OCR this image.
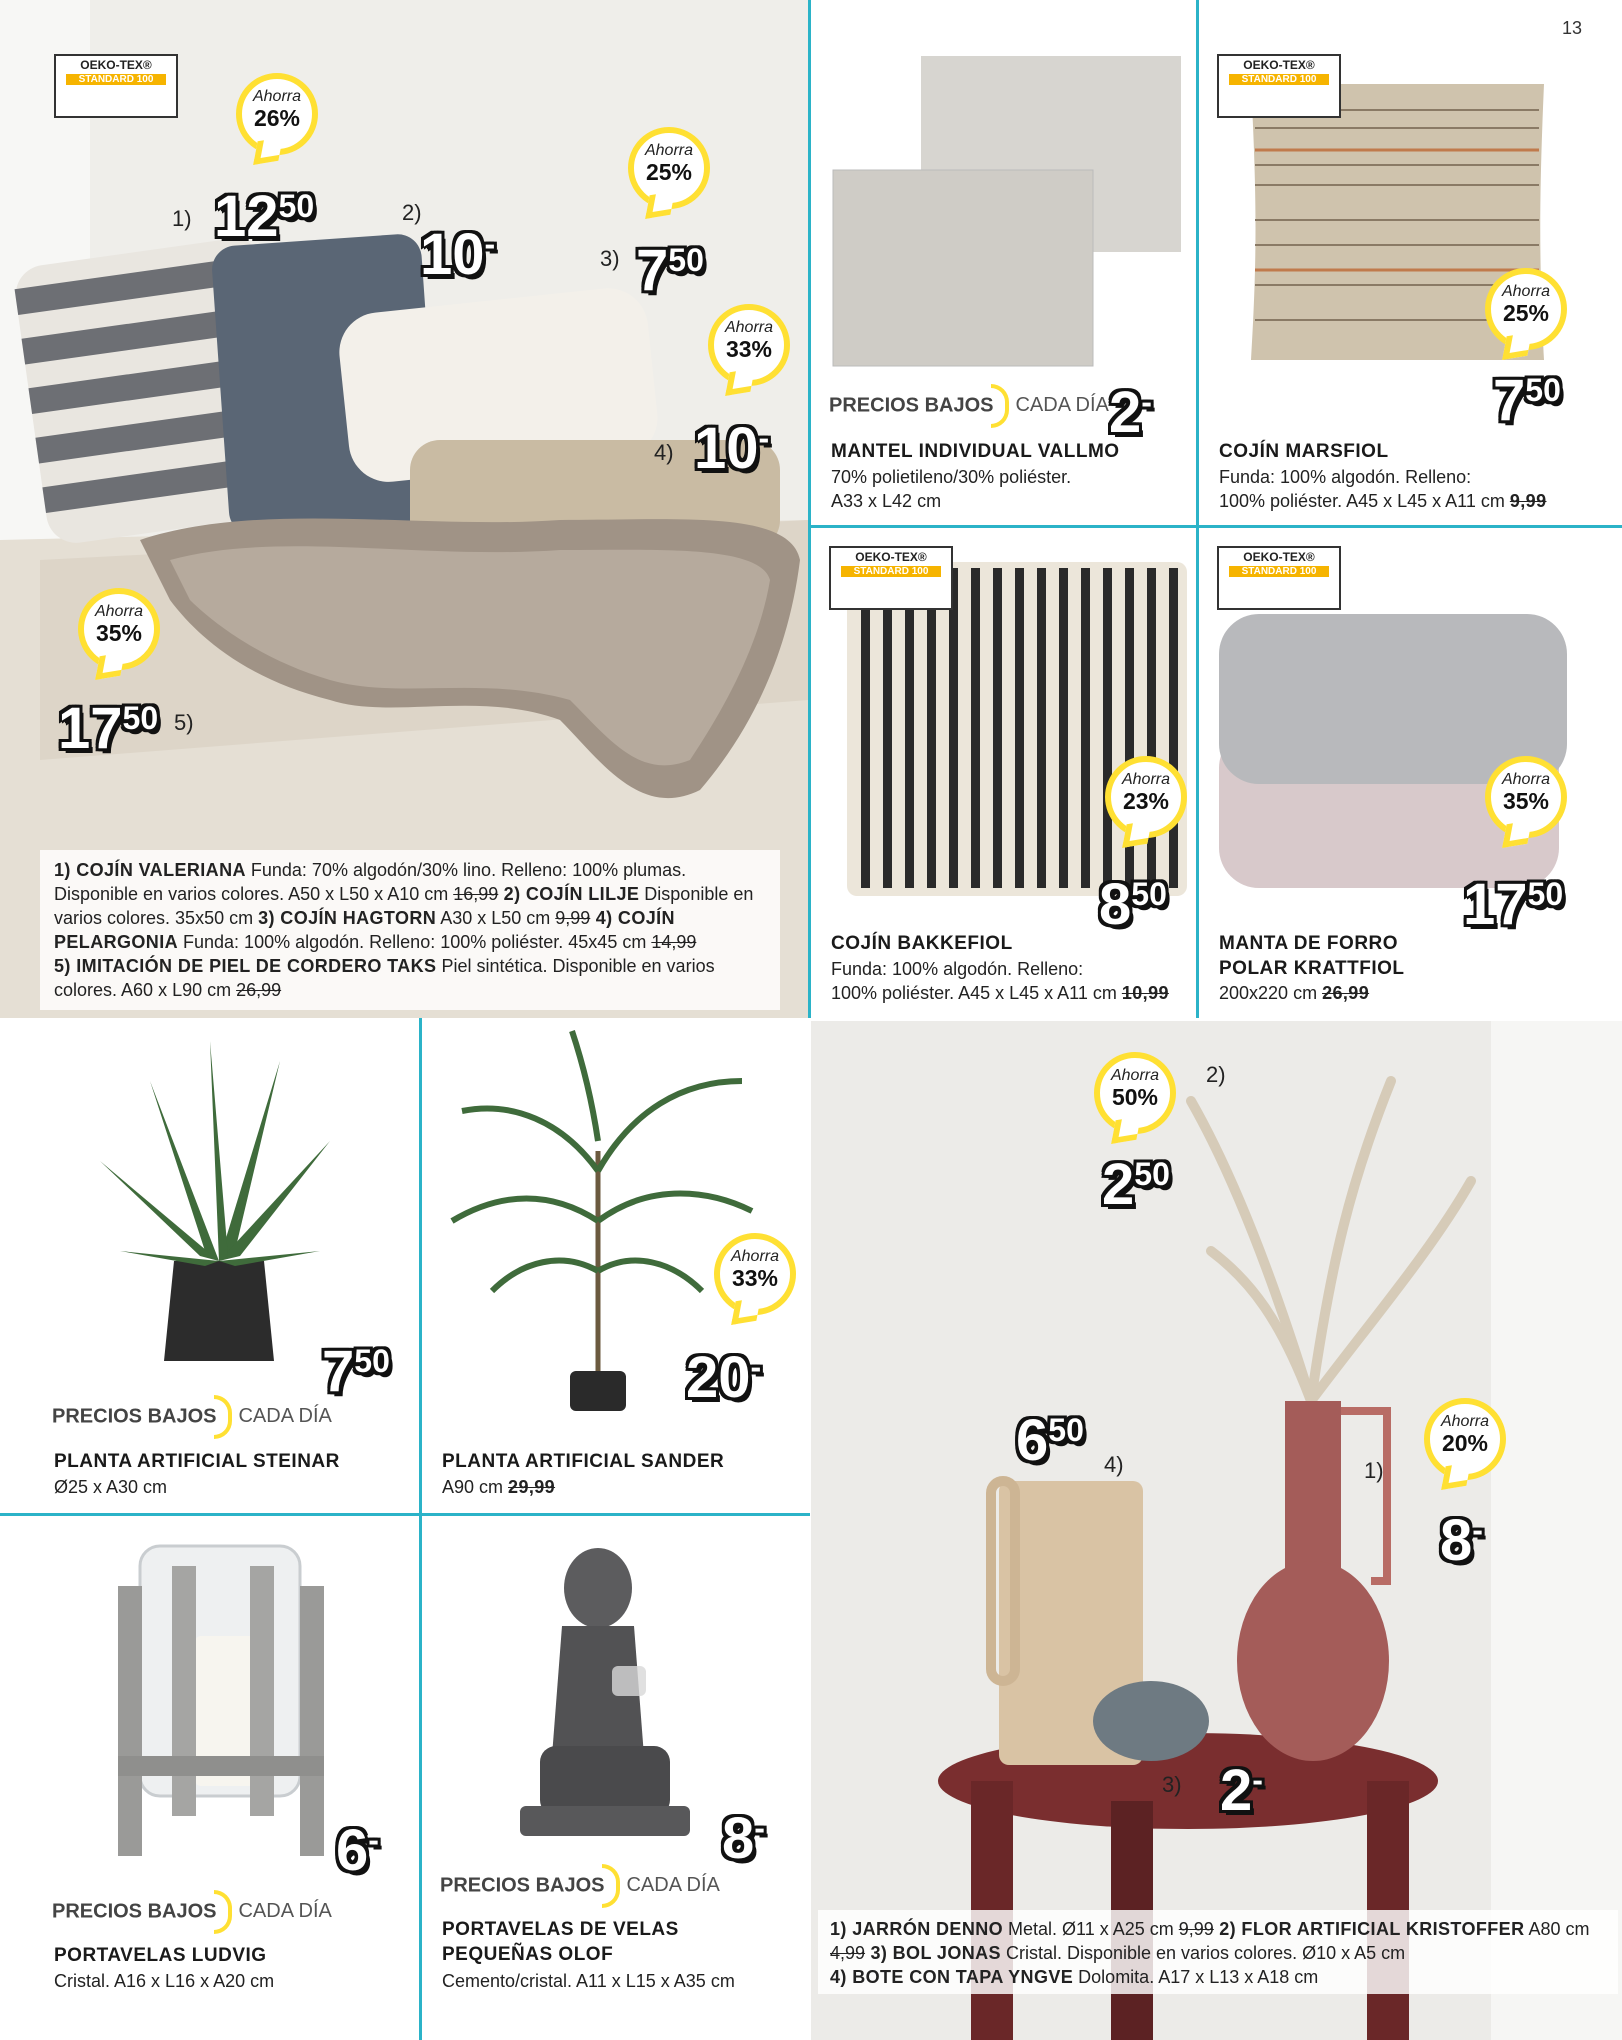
OEKO-TEX®
STANDARD 100
Ahorra
26%
1) 1250	2)
10-
Ahorra
25%
3) 750
Ahorra
33%
4) 10-
Ahorra
35%
1750 5)
1) COJÍN VALERIANA Funda: 70% algodón/30% lino. Relleno: 100% plumas. Disponible en varios colores. A50 x L50 x A10 cm 16,99 2) COJÍN LILJE Disponible en varios colores. 35x50 cm 3) COJÍN HAGTORN A30 x L50 cm 9,99 4) COJÍN PELARGONIA Funda: 100% algodón. Relleno: 100% poliéster. 45x45 cm 14,99
5) IMITACIÓN DE PIEL DE CORDERO TAKS Piel sintética. Disponible en varios colores. A60 x L90 cm 26,99
13
PRECIOS BAJOS CADA DÍA 2-
MANTEL INDIVIDUAL VALLMO
70% polietileno/30% poliéster.
A33 x L42 cm
OEKO-TEX®
STANDARD 100
Ahorra
25%
750
COJÍN MARSFIOL
Funda: 100% algodón. Relleno:
100% poliéster. A45 x L45 x A11 cm 9,99
OEKO-TEX®
STANDARD 100
Ahorra
23%
850
COJÍN BAKKEFIOL
Funda: 100% algodón. Relleno:
100% poliéster. A45 x L45 x A11 cm 10,99
OEKO-TEX®
STANDARD 100
Ahorra
35%
1750
MANTA DE FORRO
POLAR KRATTFIOL
200x220 cm 26,99
750
PRECIOS BAJOS CADA DÍA
PLANTA ARTIFICIAL STEINAR
Ø25 x A30 cm
Ahorra
33%
20-
PLANTA ARTIFICIAL SANDER
A90 cm 29,99
6-
PRECIOS BAJOS CADA DÍA
PORTAVELAS LUDVIG
Cristal. A16 x L16 x A20 cm
8-
PRECIOS BAJOS CADA DÍA
PORTAVELAS DE VELAS
PEQUEÑAS OLOF
Cemento/cristal. A11 x L15 x A35 cm
Ahorra
50%
2)
250
Ahorra
20%
1)
8-
650
4)
3) 2-
1) JARRÓN DENNO Metal. Ø11 x A25 cm 9,99 2) FLOR ARTIFICIAL KRISTOFFER A80 cm 4,99 3) BOL JONAS Cristal. Disponible en varios colores. Ø10 x A5 cm
4) BOTE CON TAPA YNGVE Dolomita. A17 x L13 x A18 cm
